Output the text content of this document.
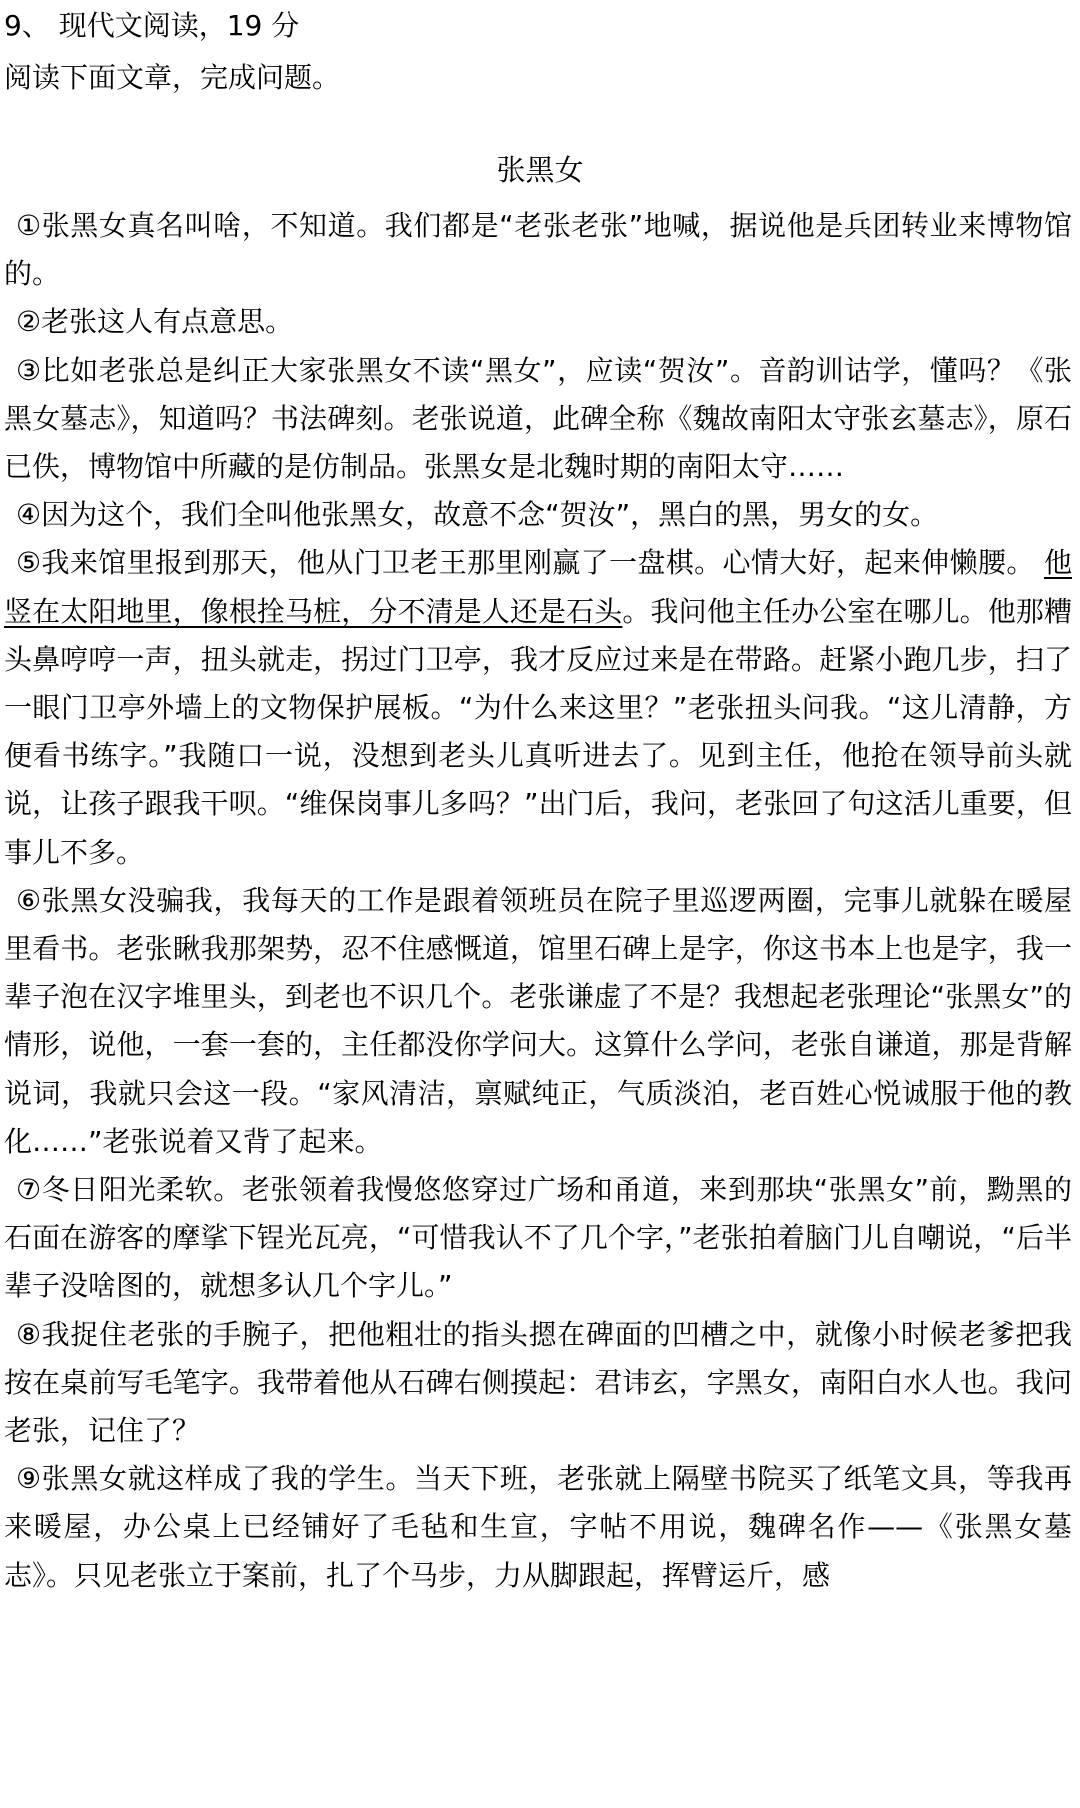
9、 现代文阅读，19 分
阅读下面文章，完成问题。
张黑女

①张黑女真名叫啥，不知道。我们都是“老张老张”地喊，据说他是兵团转业来博物馆的。

②老张这人有点意思。

③比如老张总是纠正大家张黑女不读“黑女”，应读“贺汝”。音韵训诂学，懂吗？《张黑女墓志》，知道吗？书法碑刻。老张说道，此碑全称《魏故南阳太守张玄墓志》，原石已佚，博物馆中所藏的是仿制品。张黑女是北魏时期的南阳太守……

④因为这个，我们全叫他张黑女，故意不念“贺汝”，黑白的黑，男女的女。

⑤我来馆里报到那天，他从门卫老王那里刚赢了一盘棋。心情大好，起来伸懒腰。 他竖在太阳地里，像根拴马桩，分不清是人还是石头。我问他主任办公室在哪儿。他那糟头鼻哼哼一声，扭头就走，拐过门卫亭，我才反应过来是在带路。赶紧小跑几步，扫了一眼门卫亭外墙上的文物保护展板。“为什么来这里？”老张扭头问我。“这儿清静，方便看书练字。”我随口一说，没想到老头儿真听进去了。见到主任，他抢在领导前头就说，让孩子跟我干呗。“维保岗事儿多吗？”出门后，我问，老张回了句这活儿重要，但事儿不多。

⑥张黑女没骗我，我每天的工作是跟着领班员在院子里巡逻两圈，完事儿就躲在暖屋里看书。老张瞅我那架势，忍不住感慨道，馆里石碑上是字，你这书本上也是字，我一辈子泡在汉字堆里头，到老也不识几个。老张谦虚了不是？我想起老张理论“张黑女”的情形，说他，一套一套的，主任都没你学问大。这算什么学问，老张自谦道，那是背解说词，我就只会这一段。“家风清洁，禀赋纯正，气质淡泊，老百姓心悦诚服于他的教化……”老张说着又背了起来。

⑦冬日阳光柔软。老张领着我慢悠悠穿过广场和甬道，来到那块“张黑女”前，黝黑的石面在游客的摩挲下锃光瓦亮，“可惜我认不了几个字，”老张拍着脑门儿自嘲说，“后半辈子没啥图的，就想多认几个字儿。”

⑧我捉住老张的手腕子，把他粗壮的指头摁在碑面的凹槽之中，就像小时候老爹把我按在桌前写毛笔字。我带着他从石碑右侧摸起：君讳玄，字黑女，南阳白水人也。我问老张，记住了？

⑨张黑女就这样成了我的学生。当天下班，老张就上隔壁书院买了纸笔文具，等我再来暖屋，办公桌上已经铺好了毛毡和生宣，字帖不用说，魏碑名作——《张黑女墓志》。只见老张立于案前，扎了个马步，力从脚跟起，挥臂运斤，感
